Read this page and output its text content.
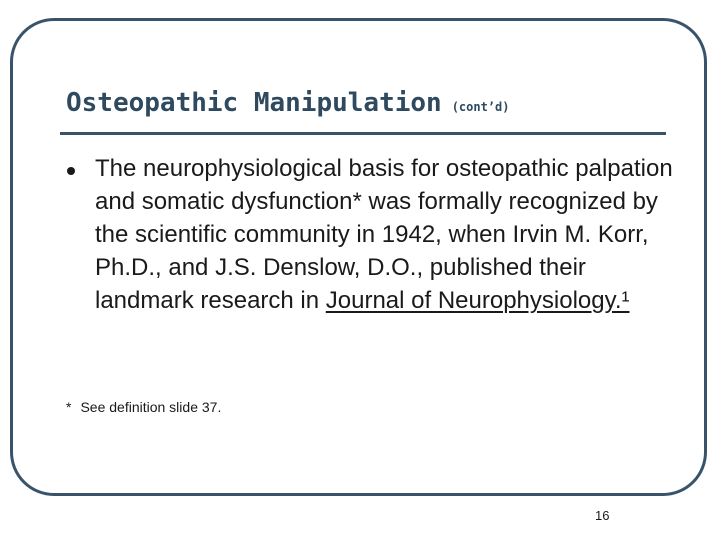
Osteopathic Manipulation (cont’d)
The neurophysiological basis for osteopathic palpation and somatic dysfunction* was formally recognized by the scientific community in 1942, when Irvin M. Korr, Ph.D., and J.S. Denslow, D.O., published their landmark research in Journal of Neurophysiology.¹
* See definition slide 37.
16
